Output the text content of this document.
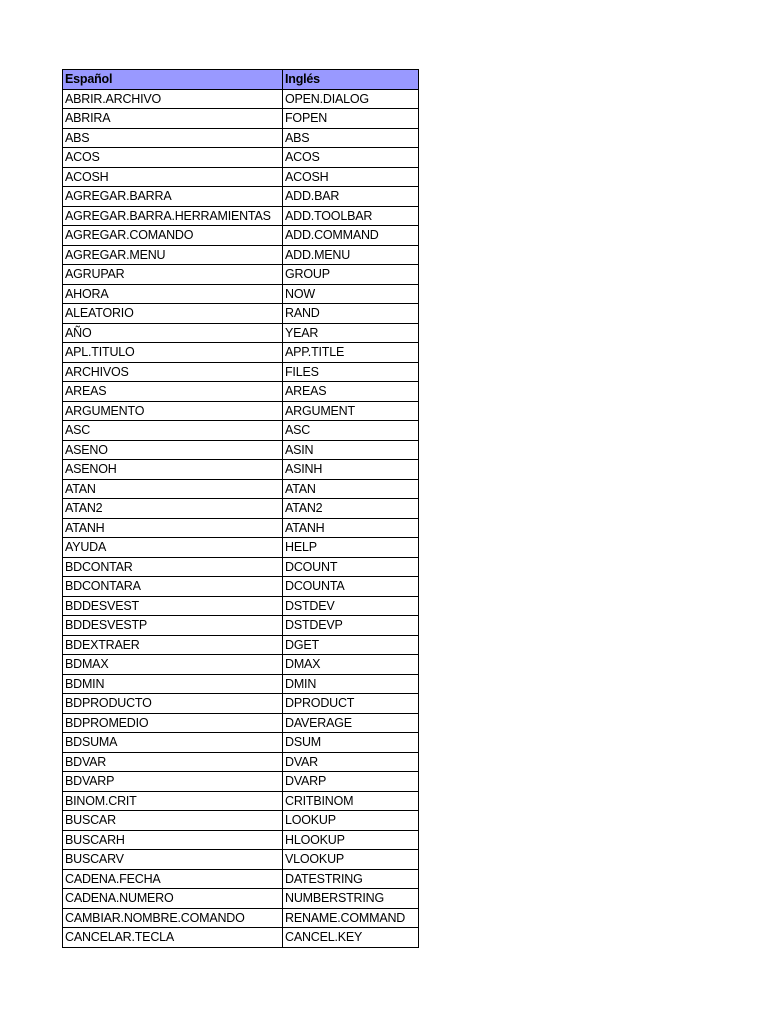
Español	Inglés
ABRIR.ARCHIVO	OPEN.DIALOG
ABRIRA	FOPEN
ABS	ABS
ACOS	ACOS
ACOSH	ACOSH
AGREGAR.BARRA	ADD.BAR
AGREGAR.BARRA.HERRAMIENTAS	ADD.TOOLBAR
AGREGAR.COMANDO	ADD.COMMAND
AGREGAR.MENU	ADD.MENU
AGRUPAR	GROUP
AHORA	NOW
ALEATORIO	RAND
AÑO	YEAR
APL.TITULO	APP.TITLE
ARCHIVOS	FILES
AREAS	AREAS
ARGUMENTO	ARGUMENT
ASC	ASC
ASENO	ASIN
ASENOH	ASINH
ATAN	ATAN
ATAN2	ATAN2
ATANH	ATANH
AYUDA	HELP
BDCONTAR	DCOUNT
BDCONTARA	DCOUNTA
BDDESVEST	DSTDEV
BDDESVESTP	DSTDEVP
BDEXTRAER	DGET
BDMAX	DMAX
BDMIN	DMIN
BDPRODUCTO	DPRODUCT
BDPROMEDIO	DAVERAGE
BDSUMA	DSUM
BDVAR	DVAR
BDVARP	DVARP
BINOM.CRIT	CRITBINOM
BUSCAR	LOOKUP
BUSCARH	HLOOKUP
BUSCARV	VLOOKUP
CADENA.FECHA	DATESTRING
CADENA.NUMERO	NUMBERSTRING
CAMBIAR.NOMBRE.COMANDO	RENAME.COMMAND
CANCELAR.TECLA	CANCEL.KEY
